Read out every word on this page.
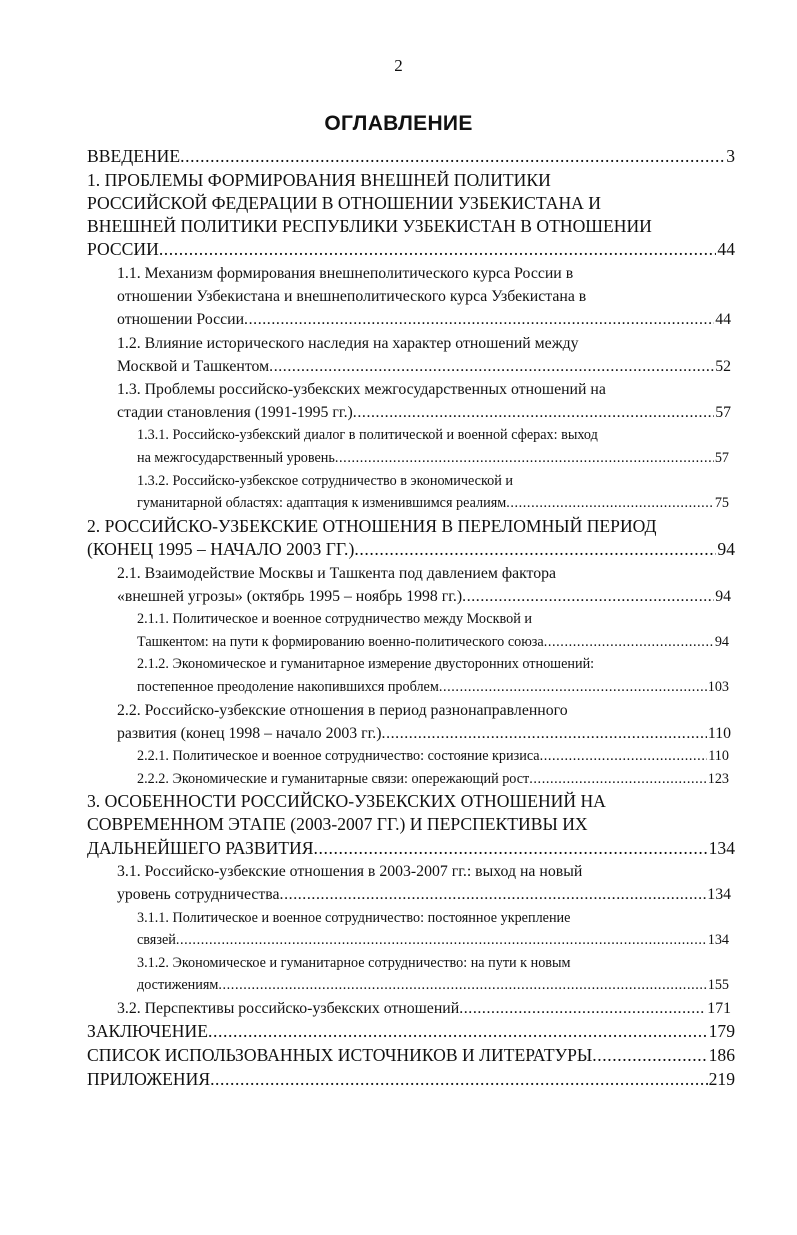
2
ОГЛАВЛЕНИЕ
ВВЕДЕНИЕ .....	3
1. ПРОБЛЕМЫ ФОРМИРОВАНИЯ ВНЕШНЕЙ ПОЛИТИКИ
РОССИЙСКОЙ ФЕДЕРАЦИИ В ОТНОШЕНИИ УЗБЕКИСТАНА И
ВНЕШНЕЙ ПОЛИТИКИ РЕСПУБЛИКИ УЗБЕКИСТАН В ОТНОШЕНИИ
РОССИИ .....	44
1.1. Механизм формирования внешнеполитического курса России в
отношении Узбекистана и внешнеполитического курса Узбекистана в
отношении России .....	44
1.2. Влияние исторического наследия на характер отношений между
Москвой и Ташкентом .....	52
1.3. Проблемы российско-узбекских межгосударственных отношений на
стадии становления (1991-1995 гг.) .....	57
1.3.1. Российско-узбекский диалог в политической и военной сферах: выход
на межгосударственный уровень .....	57
1.3.2. Российско-узбекское сотрудничество в экономической и
гуманитарной областях: адаптация к изменившимся реалиям .....	75
2. РОССИЙСКО-УЗБЕКСКИЕ ОТНОШЕНИЯ В ПЕРЕЛОМНЫЙ ПЕРИОД
(КОНЕЦ 1995 – НАЧАЛО 2003 ГГ.) .....	94
2.1. Взаимодействие Москвы и Ташкента под давлением фактора
«внешней угрозы» (октябрь 1995 – ноябрь 1998 гг.) .....	94
2.1.1. Политическое и военное сотрудничество между Москвой и
Ташкентом: на пути к формированию военно-политического союза .....	94
2.1.2. Экономическое и гуманитарное измерение двусторонних отношений:
постепенное преодоление накопившихся проблем .....	103
2.2. Российско-узбекские отношения в период разнонаправленного
развития (конец 1998 – начало 2003 гг.) .....	110
2.2.1. Политическое и военное сотрудничество: состояние кризиса .....	110
2.2.2. Экономические и гуманитарные связи: опережающий рост .....	123
3. ОСОБЕННОСТИ РОССИЙСКО-УЗБЕКСКИХ ОТНОШЕНИЙ НА
СОВРЕМЕННОМ ЭТАПЕ (2003-2007 ГГ.) И ПЕРСПЕКТИВЫ ИХ
ДАЛЬНЕЙШЕГО РАЗВИТИЯ .....	134
3.1. Российско-узбекские отношения в 2003-2007 гг.: выход на новый
уровень сотрудничества .....	134
3.1.1. Политическое и военное сотрудничество: постоянное укрепление
связей .....	134
3.1.2. Экономическое и гуманитарное сотрудничество: на пути к новым
достижениям .....	155
3.2. Перспективы российско-узбекских отношений .....	171
ЗАКЛЮЧЕНИЕ .....	179
СПИСОК ИСПОЛЬЗОВАННЫХ ИСТОЧНИКОВ И ЛИТЕРАТУРЫ .....	186
ПРИЛОЖЕНИЯ .....	219
